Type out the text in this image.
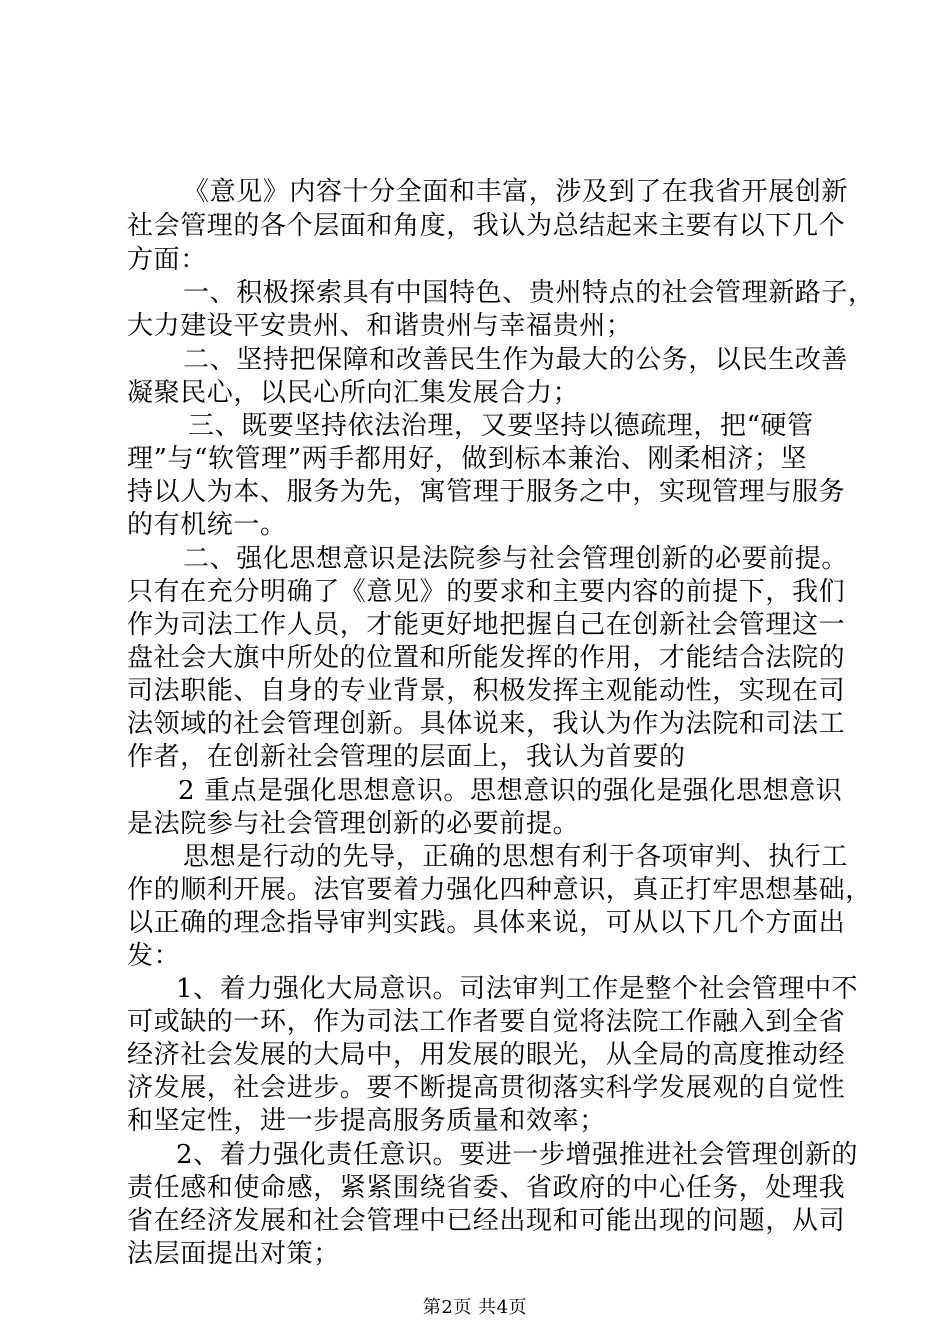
《意见》内容十分全面和丰富，涉及到了在我省开展创新
社会管理的各个层面和角度，我认为总结起来主要有以下几个
方面：
一、积极探索具有中国特色、贵州特点的社会管理新路子，
大力建设平安贵州、和谐贵州与幸福贵州；
二、坚持把保障和改善民生作为最大的公务，以民生改善
凝聚民心，以民心所向汇集发展合力；
三、既要坚持依法治理，又要坚持以德疏理，把“硬管
理”与“软管理”两手都用好，做到标本兼治、刚柔相济；坚
持以人为本、服务为先，寓管理于服务之中，实现管理与服务
的有机统一。
二、强化思想意识是法院参与社会管理创新的必要前提。
只有在充分明确了《意见》的要求和主要内容的前提下，我们
作为司法工作人员，才能更好地把握自己在创新社会管理这一
盘社会大旗中所处的位置和所能发挥的作用，才能结合法院的
司法职能、自身的专业背景，积极发挥主观能动性，实现在司
法领域的社会管理创新。具体说来，我认为作为法院和司法工
作者，在创新社会管理的层面上，我认为首要的
2 重点是强化思想意识。思想意识的强化是强化思想意识
是法院参与社会管理创新的必要前提。
思想是行动的先导，正确的思想有利于各项审判、执行工
作的顺利开展。法官要着力强化四种意识，真正打牢思想基础，
以正确的理念指导审判实践。具体来说，可从以下几个方面出
发：
1、着力强化大局意识。司法审判工作是整个社会管理中不
可或缺的一环，作为司法工作者要自觉将法院工作融入到全省
经济社会发展的大局中，用发展的眼光，从全局的高度推动经
济发展，社会进步。要不断提高贯彻落实科学发展观的自觉性
和坚定性，进一步提高服务质量和效率；
2、着力强化责任意识。要进一步增强推进社会管理创新的
责任感和使命感，紧紧围绕省委、省政府的中心任务，处理我
省在经济发展和社会管理中已经出现和可能出现的问题，从司
法层面提出对策；
第2页 共4页
